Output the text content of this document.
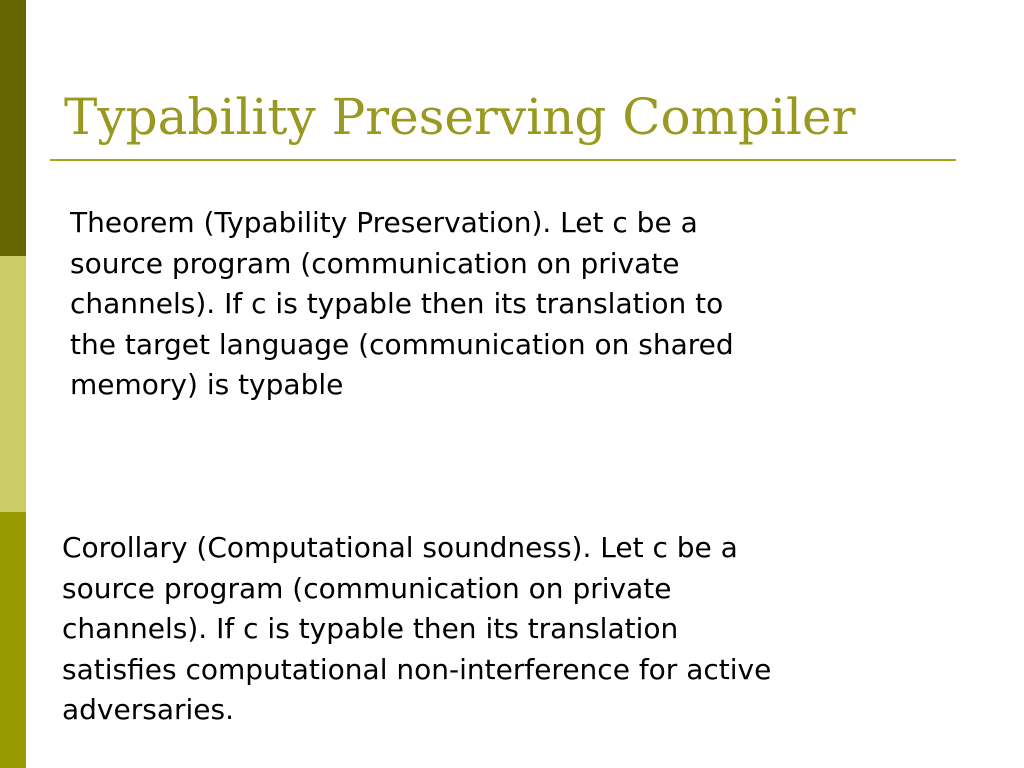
Typability Preserving Compiler

Theorem (Typability Preservation). Let c be a
source program (communication on private
channels). If c is typable then its translation to
the target language (communication on shared
memory) is typable

Corollary (Computational soundness). Let c be a
source program (communication on private
channels). If c is typable then its translation
satisfies computational non-interference for active
adversaries.
